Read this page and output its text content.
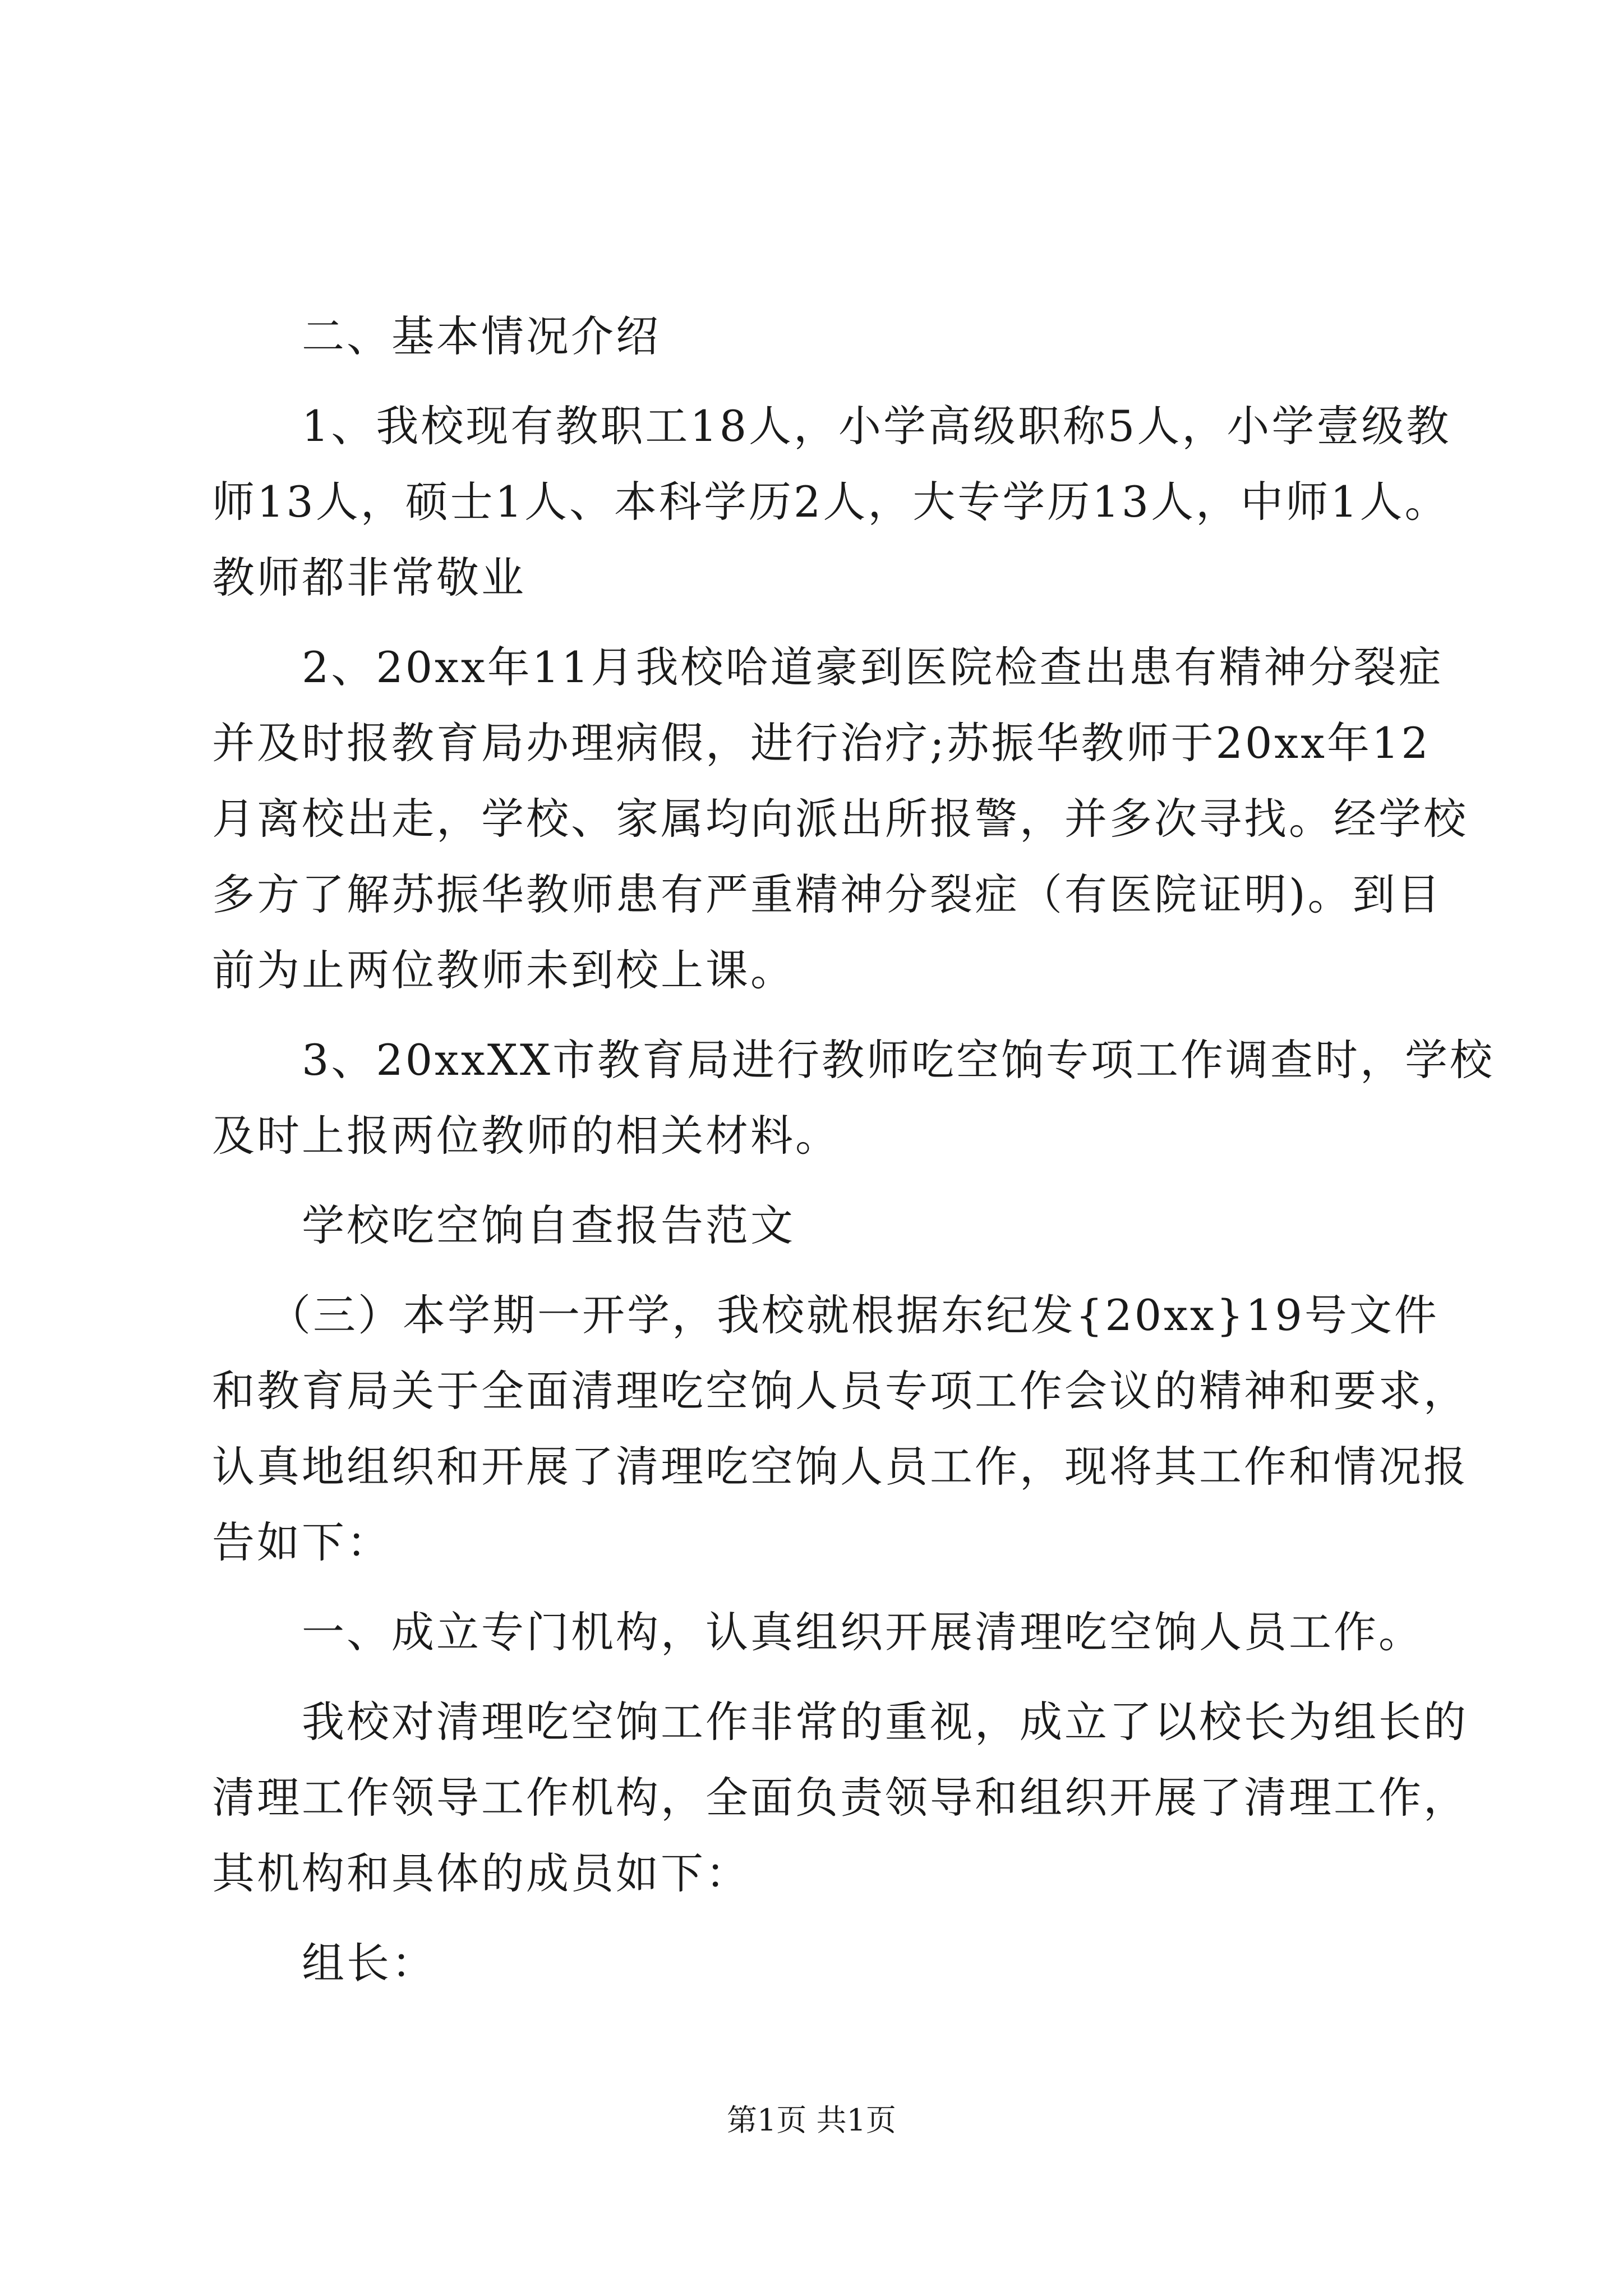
二、基本情况介绍
1、我校现有教职工18人，小学高级职称5人，小学壹级教
师13人，硕士1人、本科学历2人，大专学历13人，中师1人。
教师都非常敬业
2、20xx年11月我校哈道豪到医院检查出患有精神分裂症
并及时报教育局办理病假，进行治疗;苏振华教师于20xx年12
月离校出走，学校、家属均向派出所报警，并多次寻找。经学校
多方了解苏振华教师患有严重精神分裂症（有医院证明)。到目
前为止两位教师未到校上课。
3、20xxXX市教育局进行教师吃空饷专项工作调查时，学校
及时上报两位教师的相关材料。
学校吃空饷自查报告范文
（三）本学期一开学，我校就根据东纪发{20xx}19号文件
和教育局关于全面清理吃空饷人员专项工作会议的精神和要求，
认真地组织和开展了清理吃空饷人员工作，现将其工作和情况报
告如下：
一、成立专门机构，认真组织开展清理吃空饷人员工作。
我校对清理吃空饷工作非常的重视，成立了以校长为组长的
清理工作领导工作机构，全面负责领导和组织开展了清理工作，
其机构和具体的成员如下：
组长：
第1页 共1页
